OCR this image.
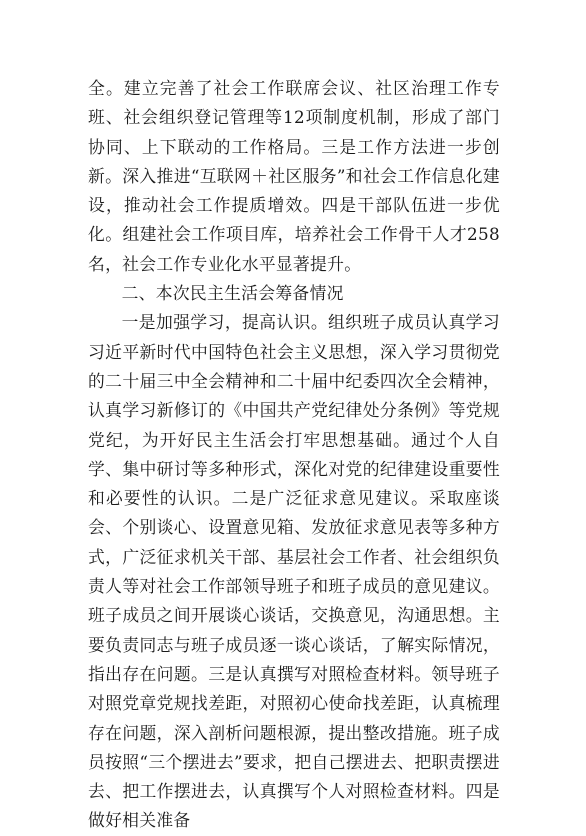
全。建立完善了社会工作联席会议、社区治理工作专班、社会组织登记管理等12项制度机制，形成了部门协同、上下联动的工作格局。三是工作方法进一步创新。深入推进“互联网＋社区服务”和社会工作信息化建设，推动社会工作提质增效。四是干部队伍进一步优化。组建社会工作项目库，培养社会工作骨干人才258名，社会工作专业化水平显著提升。

二、本次民主生活会筹备情况

一是加强学习，提高认识。组织班子成员认真学习习近平新时代中国特色社会主义思想，深入学习贯彻党的二十届三中全会精神和二十届中纪委四次全会精神，认真学习新修订的《中国共产党纪律处分条例》等党规党纪，为开好民主生活会打牢思想基础。通过个人自学、集中研讨等多种形式，深化对党的纪律建设重要性和必要性的认识。二是广泛征求意见建议。采取座谈会、个别谈心、设置意见箱、发放征求意见表等多种方式，广泛征求机关干部、基层社会工作者、社会组织负责人等对社会工作部领导班子和班子成员的意见建议。班子成员之间开展谈心谈话，交换意见，沟通思想。主要负责同志与班子成员逐一谈心谈话，了解实际情况，指出存在问题。三是认真撰写对照检查材料。领导班子对照党章党规找差距，对照初心使命找差距，认真梳理存在问题，深入剖析问题根源，提出整改措施。班子成员按照“三个摆进去”要求，把自己摆进去、把职责摆进去、把工作摆进去，认真撰写个人对照检查材料。四是做好相关准备
